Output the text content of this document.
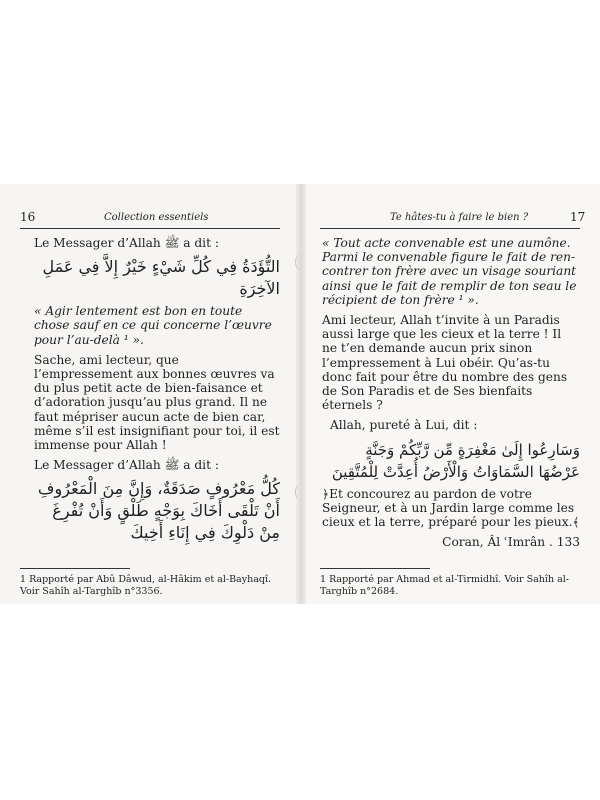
16	Collection essentiels

Le Messager d’Allah ﷺ a dit :

التُّؤَدَةُ فِي كُلِّ شَيْءٍ خَيْرٌ إِلاَّ فِي عَمَلِ الآخِرَةِ

« Agir lentement est bon en toute chose sauf en ce qui concerne l’œuvre pour l’au-delà ¹ ».

Sache, ami lecteur, que l’empressement aux bonnes œuvres va du plus petit acte de bien-faisance et d’adoration jusqu’au plus grand. Il ne faut mépriser aucun acte de bien car, même s’il est insignifiant pour toi, il est immense pour Allah !

Le Messager d’Allah ﷺ a dit :

كُلُّ مَعْرُوفٍ صَدَقَةٌ، وَإِنَّ مِنَ الْمَعْرُوفِ أَنْ تَلْقَى أَخَاكَ بِوَجْهٍ طَلْقٍ وَأَنْ تُفْرِغَ مِنْ دَلْوِكَ فِي إِنَاءِ أَخِيكَ

1 Rapporté par Abû Dâwud, al-Hâkim et al-Bayhaqî. Voir Sahîh al-Targhîb n°3356.
Te hâtes-tu à faire le bien ?	17

« Tout acte convenable est une aumône. Parmi le convenable figure le fait de ren-contrer ton frère avec un visage souriant ainsi que le fait de remplir de ton seau le récipient de ton frère ¹ ».

Ami lecteur, Allah t’invite à un Paradis aussi large que les cieux et la terre ! Il ne t’en demande aucun prix sinon l’empressement à Lui obéir. Qu’as-tu donc fait pour être du nombre des gens de Son Paradis et de Ses bienfaits éternels ?

Allah, pureté à Lui, dit :

وَسَارِعُوا إِلَىٰ مَغْفِرَةٍ مِّن رَّبِّكُمْ وَجَنَّةٍ عَرْضُهَا السَّمَاوَاتُ وَالْأَرْضُ أُعِدَّتْ لِلْمُتَّقِينَ

﴿Et concourez au pardon de votre Seigneur, et à un Jardin large comme les cieux et la terre, préparé pour les pieux.﴾

Coran, Âl ʿImrân . 133

1 Rapporté par Ahmad et al-Tirmidhî. Voir Sahîh al-Targhîb n°2684.
